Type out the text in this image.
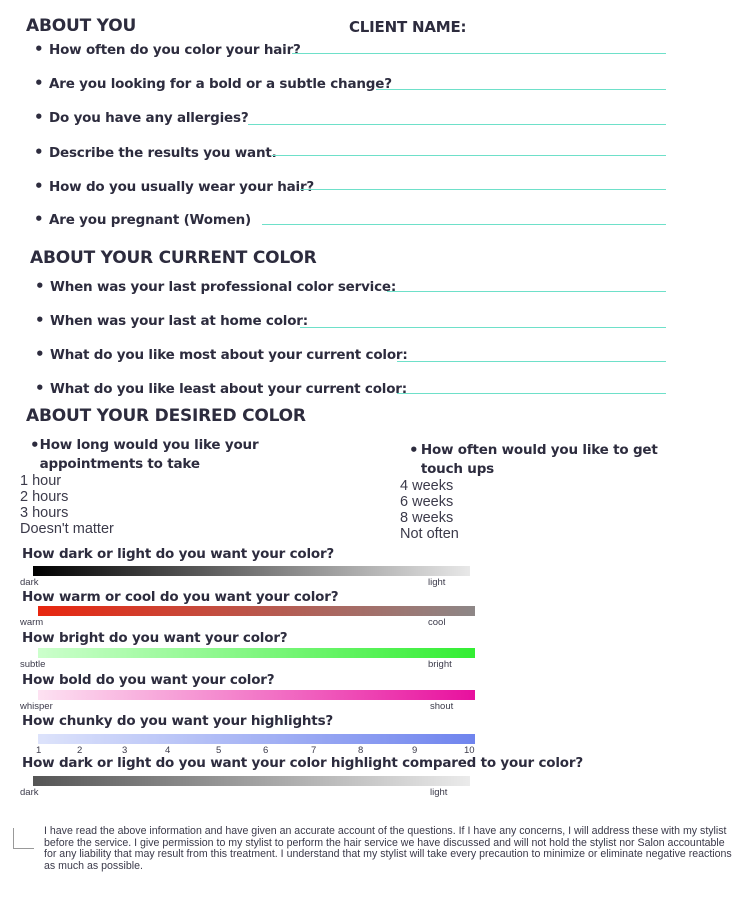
ABOUT YOU	CLIENT NAME:
• How often do you color your hair?
• Are you looking for a bold or a subtle change?
• Do you have any allergies?
• Describe the results you want.
• How do you usually wear your hair?
• Are you pregnant (Women)
ABOUT YOUR CURRENT COLOR
• When was your last professional color service:
• When was your last at home color:
• What do you like most about your current color:
• What do you like least about your current color:
ABOUT YOUR DESIRED COLOR
• How long would you like your appointments to take
1 hour
2 hours
3 hours
Doesn't matter
• How often would you like to get touch ups
4 weeks
6 weeks
8 weeks
Not often
How dark or light do you want your color?
dark	light
How warm or cool do you want your color?
warm	cool
How bright do you want your color?
subtle	bright
How bold do you want your color?
whisper	shout
How chunky do you want your highlights?
1	2	3	4	5	6	7	8	9	10
How dark or light do you want your color highlight compared to your color?
dark	light
I have read the above information and have given an accurate account of the questions. If I have any concerns, I will address these with my stylist before the service. I give permission to my stylist to perform the hair service we have discussed and will not hold the stylist nor Salon accountable for any liability that may result from this treatment. I understand that my stylist will take every precaution to minimize or eliminate negative reactions as much as possible.
